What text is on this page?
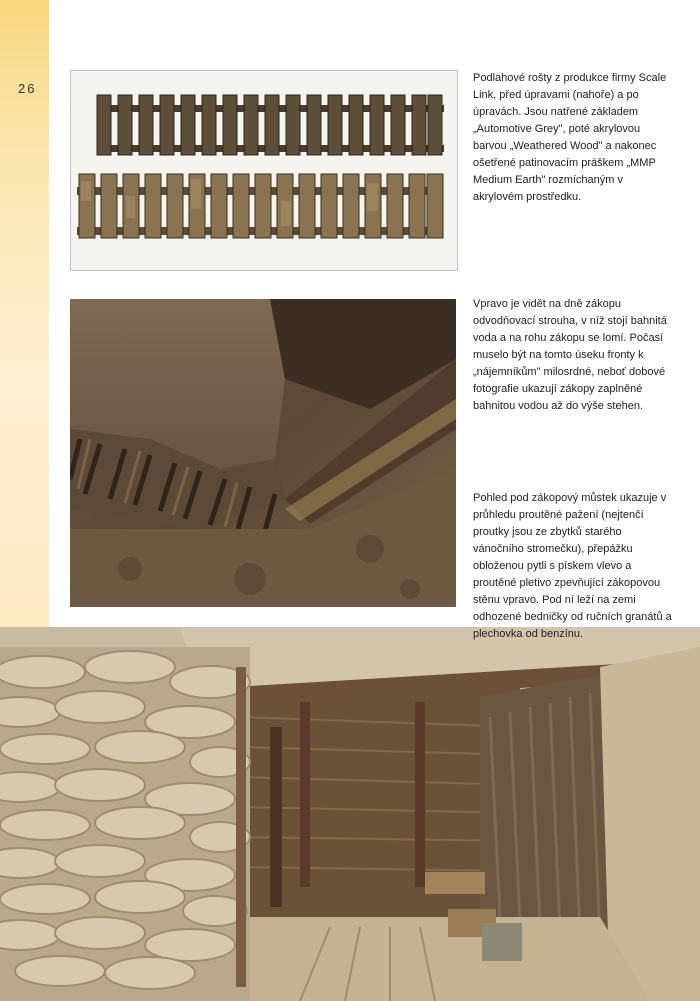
26
Podlahové rošty z produkce firmy Scale Link, před úpravami (nahoře) a po úpravách. Jsou natřené základem „Automotive Grey", poté akrylovou barvou „Weathered Wood" a nakonec ošetřené patinovacím práškem „MMP Medium Earth" rozmíchaným v akrylovém prostředku.
Vpravo je vidět na dně zákopu odvodňovací strouha, v níž stojí bahnitá voda a na rohu zákopu se lomí. Počasí muselo být na tomto úseku fronty k „nájemníkům" milosrdné, neboť dobové fotografie ukazují zákopy zaplněné bahnitou vodou až do výše stehen.
Pohled pod zákopový můstek ukazuje v průhledu proutěné pažení (nejtenčí proutky jsou ze zbytků starého vánočního stromečku), přepážku obloženou pytli s pískem vlevo a proutěné pletivo zpevňující zákopovou stěnu vpravo. Pod ní leží na zemi odhozené bedničky od ručních granátů a plechovka od benzínu.
